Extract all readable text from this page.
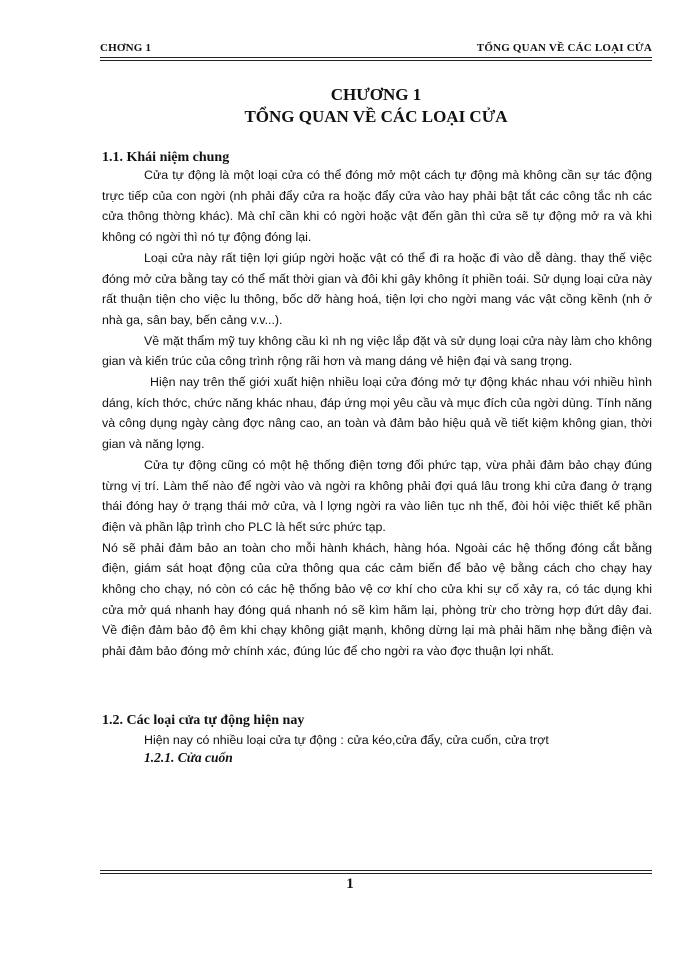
CHƠNG 1	TỔNG QUAN VỀ CÁC LOẠI CỬA
CHƯƠNG 1
TỔNG QUAN VỀ CÁC LOẠI CỬA
1.1. Khái niệm chung

Cửa tự động là một loại cửa có thể đóng mở một cách tự động mà không cần sự tác động trực tiếp của con ngời (nh phải đẩy cửa ra hoặc đẩy cửa vào hay phải bật tắt các công tắc nh các cửa thông thờng khác). Mà chỉ cần khi có ngời hoặc vật đến gần thì cửa sẽ tự động mở ra và khi không có ngời thì nó tự động đóng lại.

Loại cửa này rất tiện lợi giúp ngời hoặc vật có thể đi ra hoặc đi vào dễ dàng. thay thế việc đóng mở cửa bằng tay có thể mất thời gian và đôi khi gây không ít phiền toái. Sử dụng loại cửa này rất thuận tiện cho việc lu thông, bốc dỡ hàng hoá, tiện lợi cho ngời mang vác vật cồng kềnh (nh ở nhà ga, sân bay, bến cảng v.v...).

Về mặt thẩm mỹ tuy không cầu kì nh ng việc lắp đặt và sử dụng loại cửa này làm cho không gian và kiến trúc của công trình rộng rãi hơn và mang dáng vẻ hiện đại và sang trọng.

Hiện nay trên thế giới xuất hiện nhiều loại cửa đóng mở tự động khác nhau với nhiều hình dáng, kích thớc, chức năng khác nhau, đáp ứng mọi yêu cầu và mục đích của ngời dùng. Tính năng và công dụng ngày càng đợc nâng cao, an toàn và đảm bảo hiệu quả về tiết kiệm không gian, thời gian và năng lợng.

Cửa tự động cũng có một hệ thống điện tơng đối phức tạp, vừa phải đảm bảo chạy đúng từng vị trí. Làm thế nào để ngời vào và ngời ra không phải đợi quá lâu trong khi cửa đang ở trạng thái đóng hay ở trạng thái mở cửa, và l lợng ngời ra vào liên tục nh thế, đòi hỏi việc thiết kế phần điện và phần lập trình cho PLC là hết sức phức tạp.

Nó sẽ phải đảm bảo an toàn cho mỗi hành khách, hàng hóa. Ngoài các hệ thống đóng cắt bằng điện, giám sát hoạt động của cửa thông qua các cảm biến để bảo vệ bằng cách cho chạy hay không cho chạy, nó còn có các hệ thống bảo vệ cơ khí cho cửa khi sự cố xảy ra, có tác dụng khi cửa mở quá nhanh hay đóng quá nhanh nó sẽ kìm hãm lại, phòng trừ cho trờng hợp đứt dây đai. Về điện đảm bảo độ êm khi chạy không giật mạnh, không dừng lại mà phải hãm nhẹ bằng điện và phải đảm bảo đóng mở chính xác, đúng lúc để cho ngời ra vào đợc thuận lợi nhất.

1.2. Các loại cửa tự động hiện nay
Hiện nay có nhiều loại cửa tự động : cửa kéo,cửa đẩy, cửa cuốn, cửa trợt
1.2.1. Cửa cuốn
1
